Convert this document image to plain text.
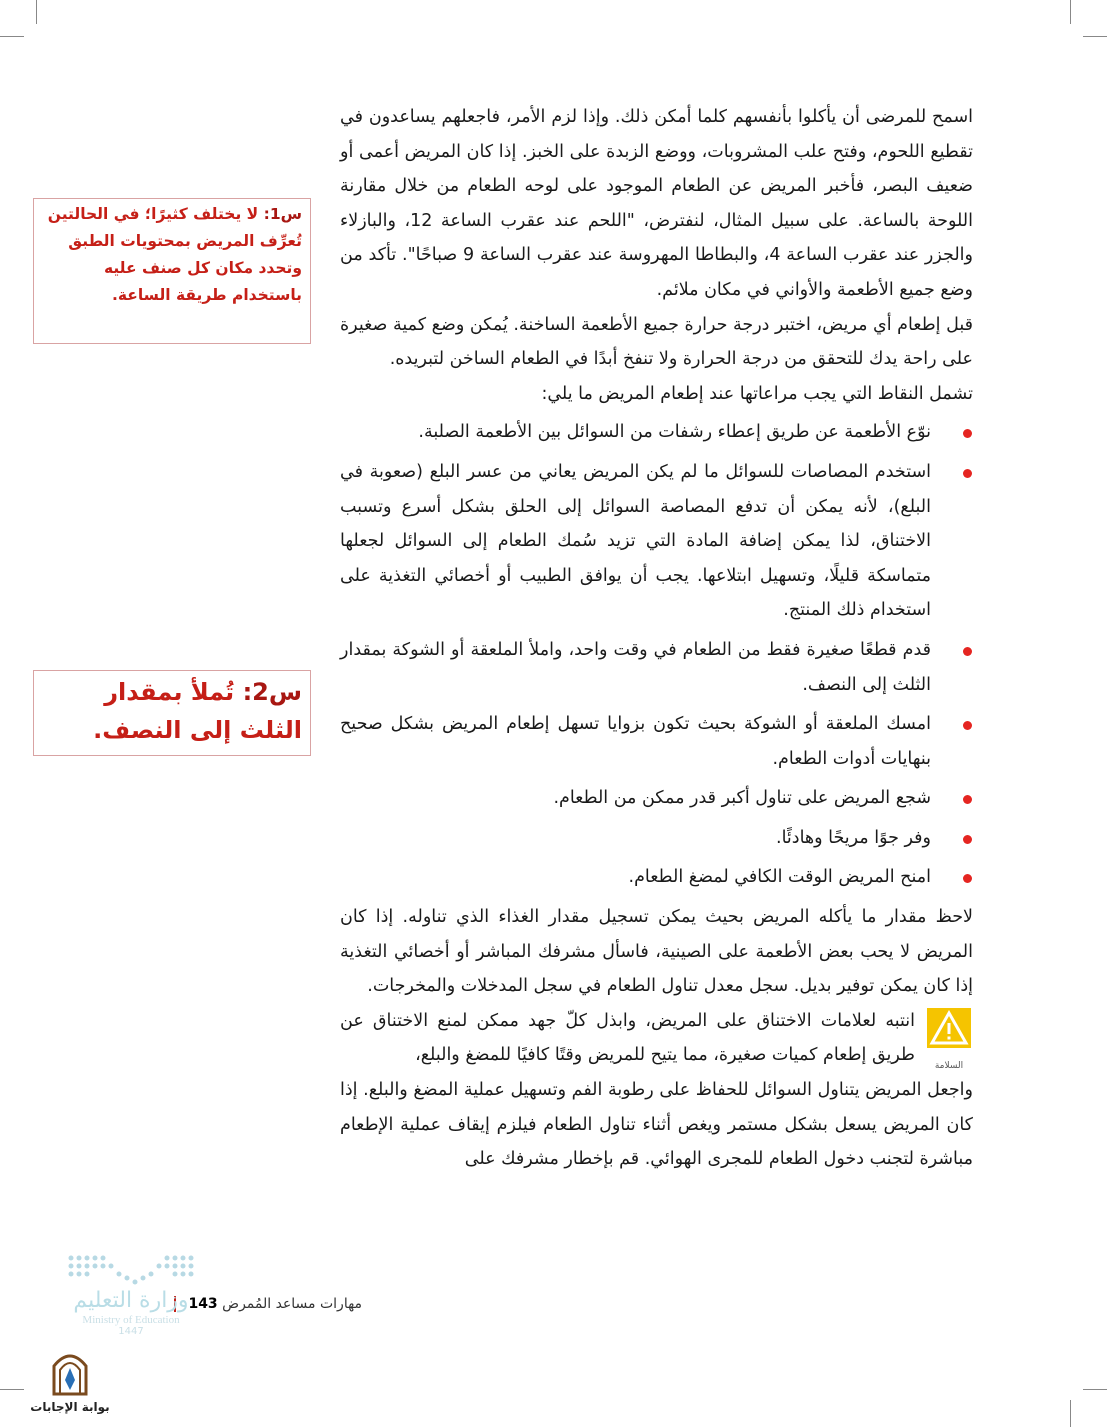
اسمح للمرضى أن يأكلوا بأنفسهم كلما أمكن ذلك. وإذا لزم الأمر، فاجعلهم يساعدون في تقطيع اللحوم، وفتح علب المشروبات، ووضع الزبدة على الخبز. إذا كان المريض أعمى أو ضعيف البصر، فأخبر المريض عن الطعام الموجود على لوحه الطعام من خلال مقارنة اللوحة بالساعة. على سبيل المثال، لنفترض، "اللحم عند عقرب الساعة 12، والبازلاء والجزر عند عقرب الساعة 4، والبطاطا المهروسة عند عقرب الساعة 9 صباحًا". تأكد من وضع جميع الأطعمة والأواني في مكان ملائم.

قبل إطعام أي مريض، اختبر درجة حرارة جميع الأطعمة الساخنة. يُمكن وضع كمية صغيرة على راحة يدك للتحقق من درجة الحرارة ولا تنفخ أبدًا في الطعام الساخن لتبريده.

تشمل النقاط التي يجب مراعاتها عند إطعام المريض ما يلي:

نوّع الأطعمة عن طريق إعطاء رشفات من السوائل بين الأطعمة الصلبة.
استخدم المصاصات للسوائل ما لم يكن المريض يعاني من عسر البلع (صعوبة في البلع)، لأنه يمكن أن تدفع المصاصة السوائل إلى الحلق بشكل أسرع وتسبب الاختناق، لذا يمكن إضافة المادة التي تزيد سُمك الطعام إلى السوائل لجعلها متماسكة قليلًا، وتسهيل ابتلاعها. يجب أن يوافق الطبيب أو أخصائي التغذية على استخدام ذلك المنتج.
قدم قطعًا صغيرة فقط من الطعام في وقت واحد، واملأ الملعقة أو الشوكة بمقدار الثلث إلى النصف.
امسك الملعقة أو الشوكة بحيث تكون بزوايا تسهل إطعام المريض بشكل صحيح بنهايات أدوات الطعام.
شجع المريض على تناول أكبر قدر ممكن من الطعام.
وفر جوًا مريحًا وهادئًا.
امنح المريض الوقت الكافي لمضغ الطعام.

لاحظ مقدار ما يأكله المريض بحيث يمكن تسجيل مقدار الغذاء الذي تناوله. إذا كان المريض لا يحب بعض الأطعمة على الصينية، فاسأل مشرفك المباشر أو أخصائي التغذية إذا كان يمكن توفير بديل. سجل معدل تناول الطعام في سجل المدخلات والمخرجات.

السلامة

انتبه لعلامات الاختناق على المريض، وابذل كلّ جهد ممكن لمنع الاختناق عن طريق إطعام كميات صغيرة، مما يتيح للمريض وقتًا كافيًا للمضغ والبلع،

واجعل المريض يتناول السوائل للحفاظ على رطوبة الفم وتسهيل عملية المضغ والبلع. إذا كان المريض يسعل بشكل مستمر ويغص أثناء تناول الطعام فيلزم إيقاف عملية الإطعام مباشرة لتجنب دخول الطعام للمجرى الهوائي. قم بإخطار مشرفك على

س1: لا يختلف كثيرًا؛ في الحالتين تُعرِّف المريض بمحتويات الطبق وتحدد مكان كل صنف عليه باستخدام طريقة الساعة.
س2: تُملأ بمقدار الثلث إلى النصف.
مهارات مساعد المُمرض 143
وزارة التعليم
Ministry of Education
1447
بوابة الإجابات
